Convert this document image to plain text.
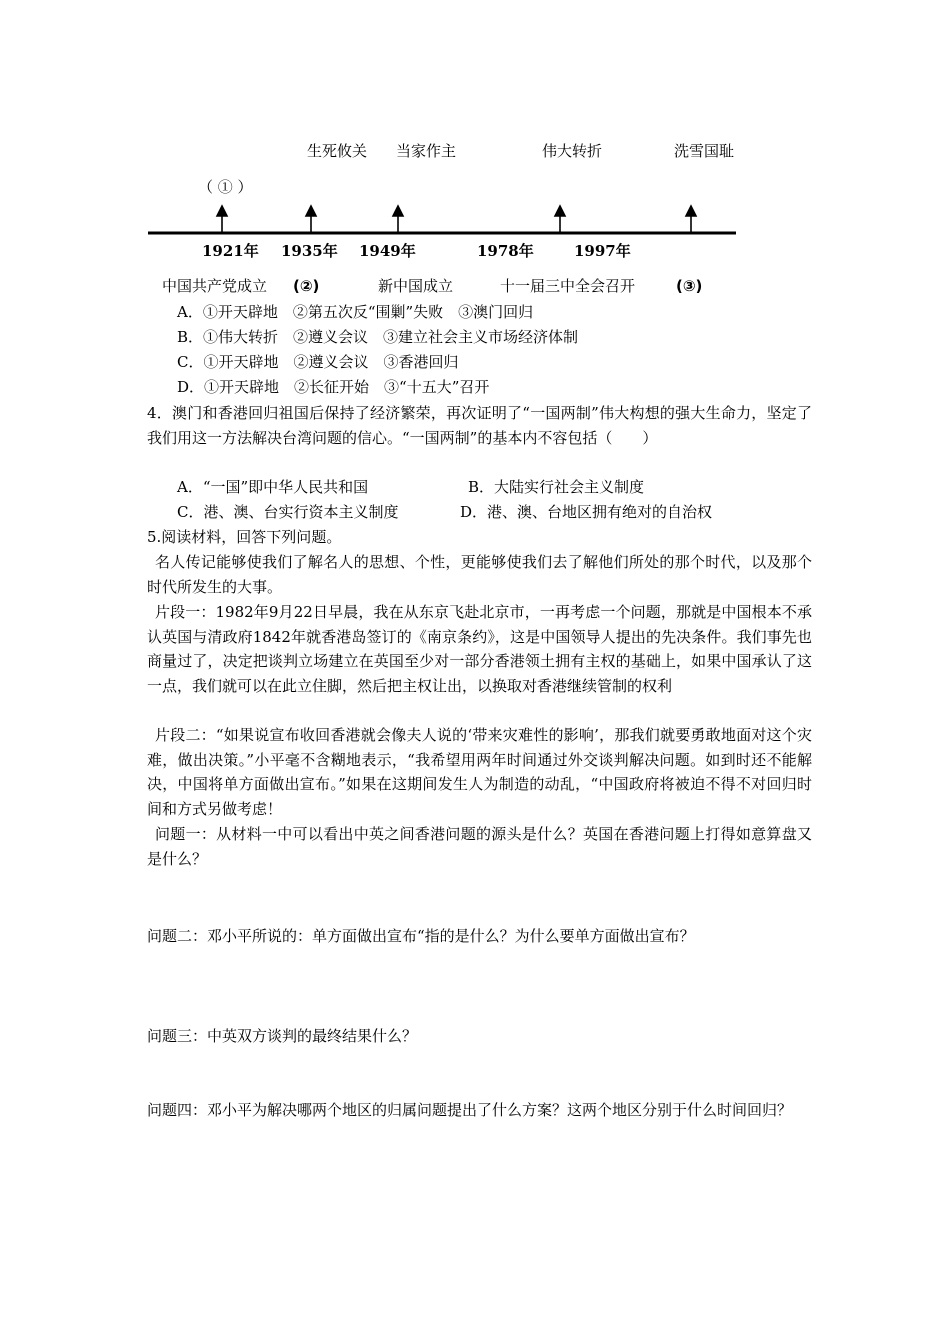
生死攸关 当家作主	伟大转折	洗雪国耻
（ ① ）
1921年 1935年 1949年	1978年	1997年
中国共产党成立 (②)	新中国成立	十一届三中全会召开	(③)
A．①开天辟地　②第五次反“围剿”失败　③澳门回归
B．①伟大转折　②遵义会议　③建立社会主义市场经济体制
C．①开天辟地　②遵义会议　③香港回归
D．①开天辟地　②长征开始　③“十五大”召开
4．澳门和香港回归祖国后保持了经济繁荣，再次证明了“一国两制”伟大构想的强大生命力，坚定了我们用这一方法解决台湾问题的信心。“一国两制”的基本内不容包括（　　）
A．“一国”即中华人民共和国	B．大陆实行社会主义制度
C．港、澳、台实行资本主义制度	D．港、澳、台地区拥有绝对的自治权
5.阅读材料，回答下列问题。
名人传记能够使我们了解名人的思想、个性，更能够使我们去了解他们所处的那个时代，以及那个时代所发生的大事。
片段一：1982年9月22日早晨，我在从东京飞赴北京市，一再考虑一个问题，那就是中国根本不承认英国与清政府1842年就香港岛签订的《南京条约》，这是中国领导人提出的先决条件。我们事先也商量过了，决定把谈判立场建立在英国至少对一部分香港领土拥有主权的基础上，如果中国承认了这一点，我们就可以在此立住脚，然后把主权让出，以换取对香港继续管制的权利
片段二：“如果说宣布收回香港就会像夫人说的‘带来灾难性的影响’，那我们就要勇敢地面对这个灾难，做出决策。”小平毫不含糊地表示，“我希望用两年时间通过外交谈判解决问题。如到时还不能解决，中国将单方面做出宣布。”如果在这期间发生人为制造的动乱，“中国政府将被迫不得不对回归时间和方式另做考虑！
问题一：从材料一中可以看出中英之间香港问题的源头是什么？英国在香港问题上打得如意算盘又是什么？
问题二：邓小平所说的：单方面做出宣布“指的是什么？为什么要单方面做出宣布？
问题三：中英双方谈判的最终结果什么？
问题四：邓小平为解决哪两个地区的归属问题提出了什么方案？这两个地区分别于什么时间回归？
